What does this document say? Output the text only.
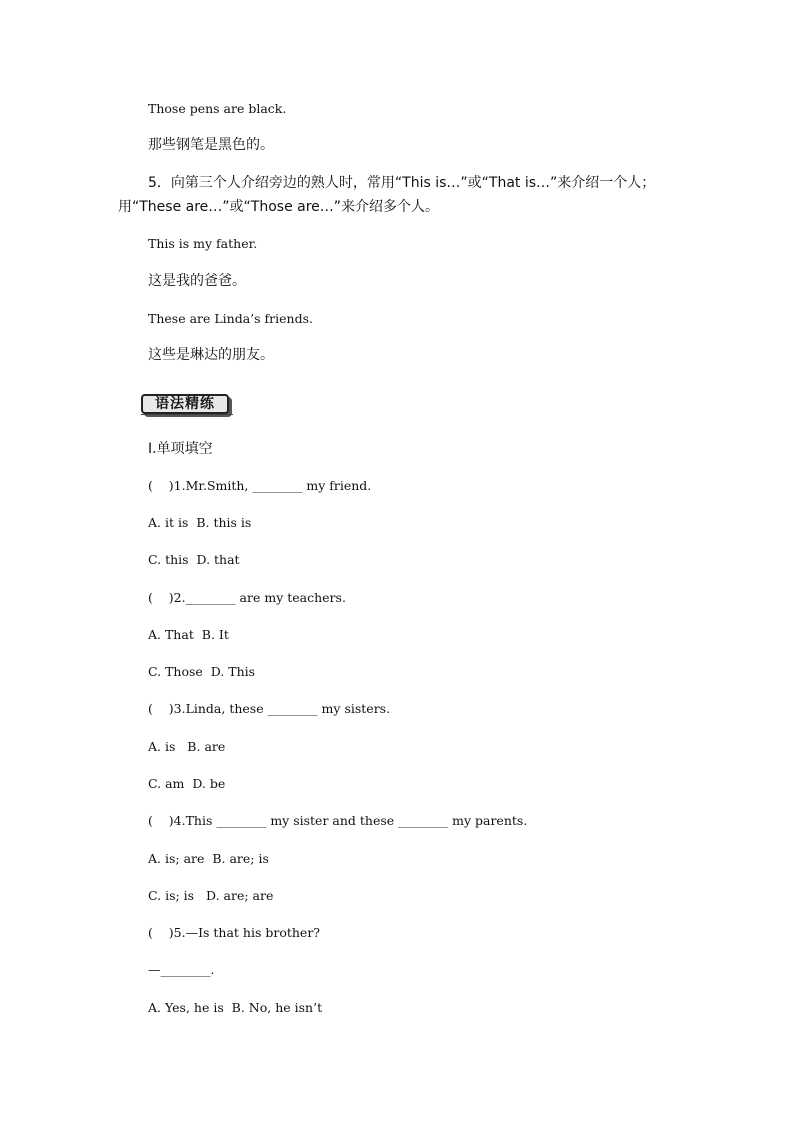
Those pens are black.
那些钢笔是黑色的。
5．向第三个人介绍旁边的熟人时，常用“This is…”或“That is…”来介绍一个人；
用“These are…”或“Those are…”来介绍多个人。
This is my father.
这是我的爸爸。
These are Linda’s friends.
这些是琳达的朋友。
语法精练
Ⅰ.单项填空
(    )1.Mr.Smith, ________ my friend.
A. it is  B. this is
C. this  D. that
(    )2.________ are my teachers.
A. That  B. It
C. Those  D. This
(    )3.Linda, these ________ my sisters.
A. is   B. are
C. am  D. be
(    )4.This ________ my sister and these ________ my parents.
A. is; are  B. are; is
C. is; is   D. are; are
(    )5.—Is that his brother?
—________.
A. Yes, he is  B. No, he isn’t
